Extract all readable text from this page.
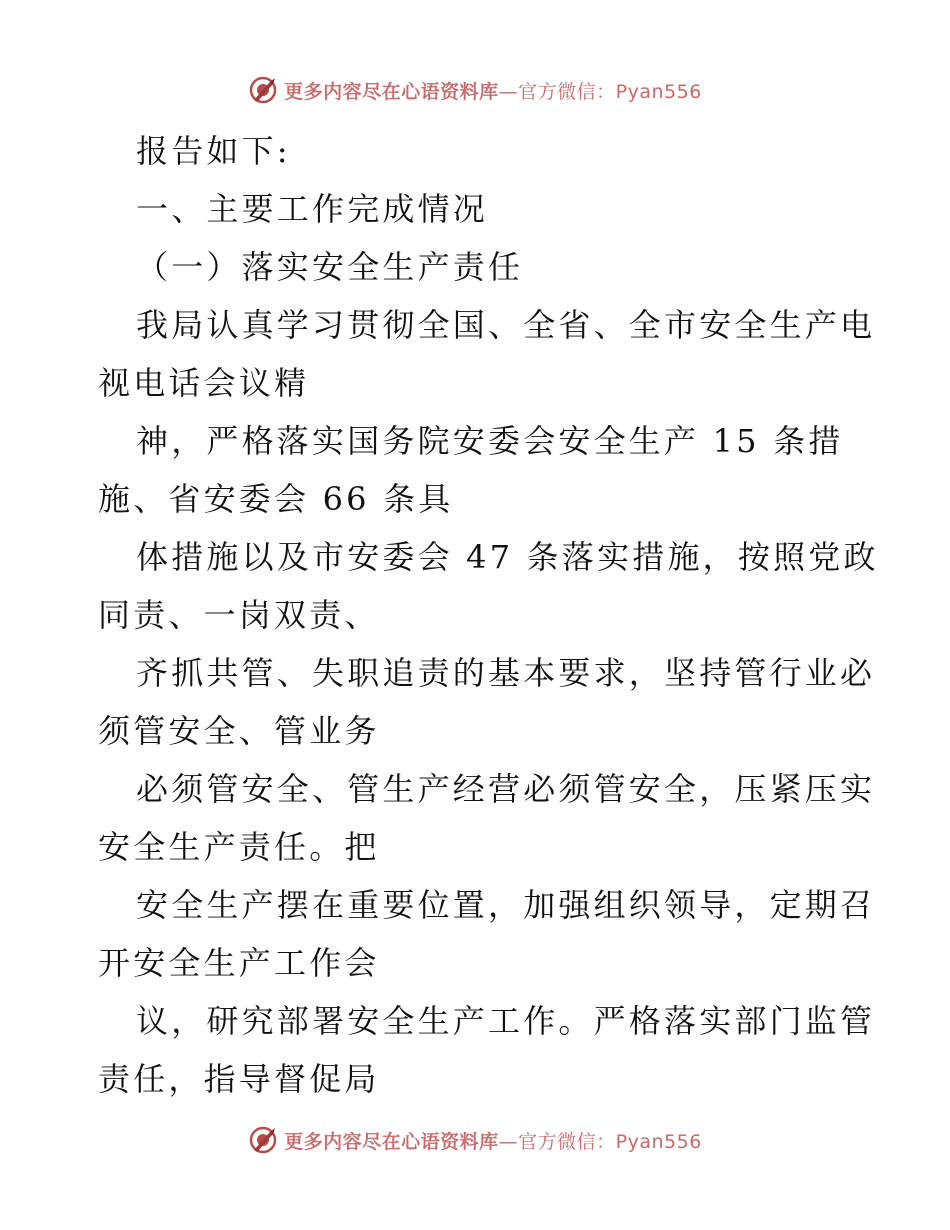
更多内容尽在心语资料库—官方微信：Pyan556
报告如下:
一、主要工作完成情况
（一）落实安全生产责任
我局认真学习贯彻全国、全省、全市安全生产电
视电话会议精
神，严格落实国务院安委会安全生产 15 条措
施、省安委会 66 条具
体措施以及市安委会 47 条落实措施，按照党政
同责、一岗双责、
齐抓共管、失职追责的基本要求，坚持管行业必
须管安全、管业务
必须管安全、管生产经营必须管安全，压紧压实
安全生产责任。把
安全生产摆在重要位置，加强组织领导，定期召
开安全生产工作会
议，研究部署安全生产工作。严格落实部门监管
责任，指导督促局
更多内容尽在心语资料库—官方微信：Pyan556
